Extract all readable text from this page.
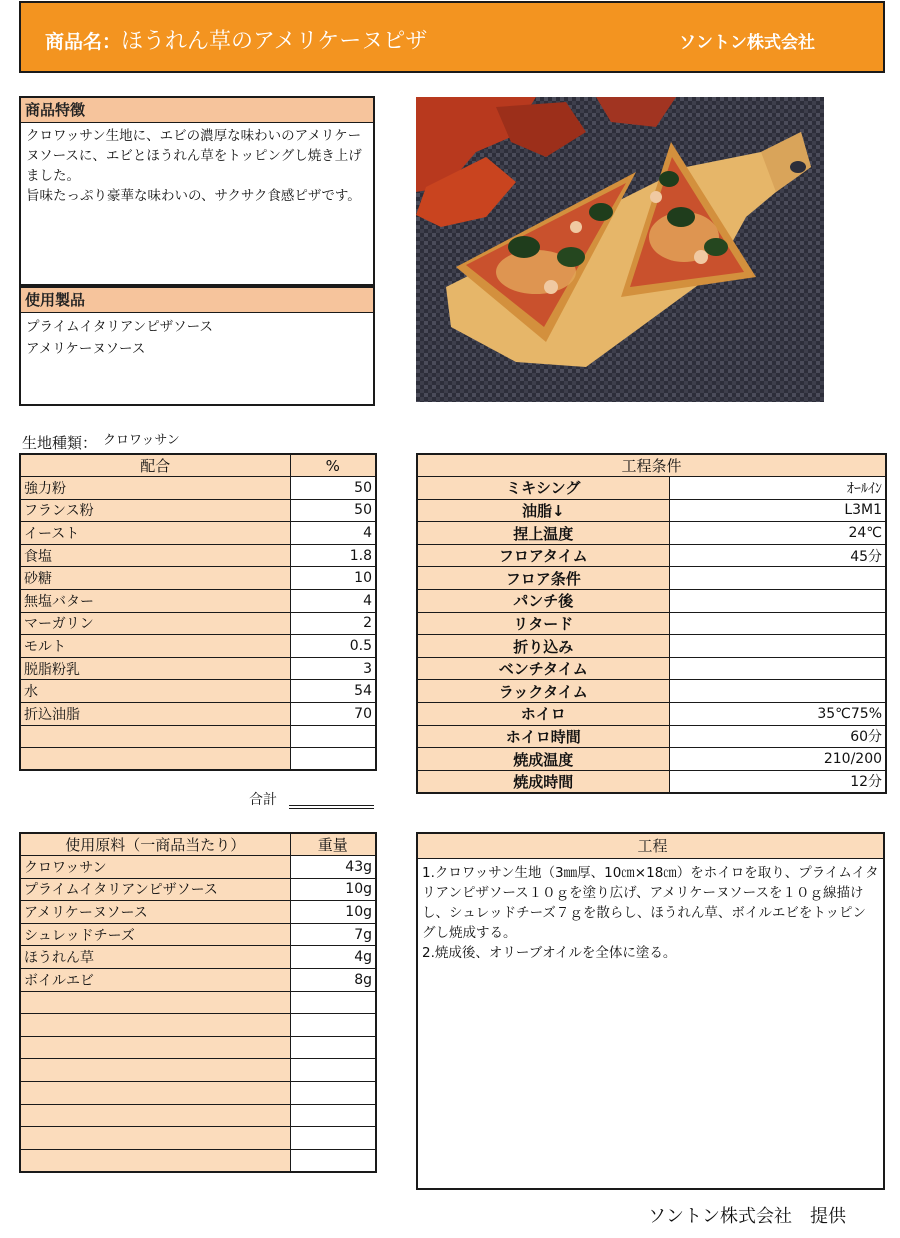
商品名：ほうれん草のアメリケーヌピザ	ソントン株式会社
商品特徴
クロワッサン生地に、エビの濃厚な味わいのアメリケーヌソースに、エビとほうれん草をトッピングし焼き上げました。
旨味たっぷり豪華な味わいの、サクサク食感ピザです。
使用製品
プライムイタリアンピザソース
アメリケーヌソース
生地種類： クロワッサン
配合	%
強力粉	50
フランス粉	50
イースト	4
食塩	1.8
砂糖	10
無塩バター	4
マーガリン	2
モルト	0.5
脱脂粉乳	3
水	54
折込油脂	70

合計
工程条件	
ミキシング	ｵｰﾙｲﾝ
油脂↓	L3M1
捏上温度	24℃
フロアタイム	45分
フロア条件	
パンチ後	
リタード	
折り込み	
ベンチタイム	
ラックタイム	
ホイロ	35℃75%
ホイロ時間	60分
焼成温度	210/200
焼成時間	12分
使用原料（一商品当たり）	重量
クロワッサン	43g
プライムイタリアンピザソース	10g
アメリケーヌソース	10g
シュレッドチーズ	7g
ほうれん草	4g
ボイルエビ	8g

工程
1.クロワッサン生地（3㎜厚、10㎝×18㎝）をホイロを取り、プライムイタリアンピザソース１０ｇを塗り広げ、アメリケーヌソースを１０ｇ線描けし、シュレッドチーズ７ｇを散らし、ほうれん草、ボイルエビをトッピングし焼成する。
2.焼成後、オリーブオイルを全体に塗る。
ソントン株式会社　提供
